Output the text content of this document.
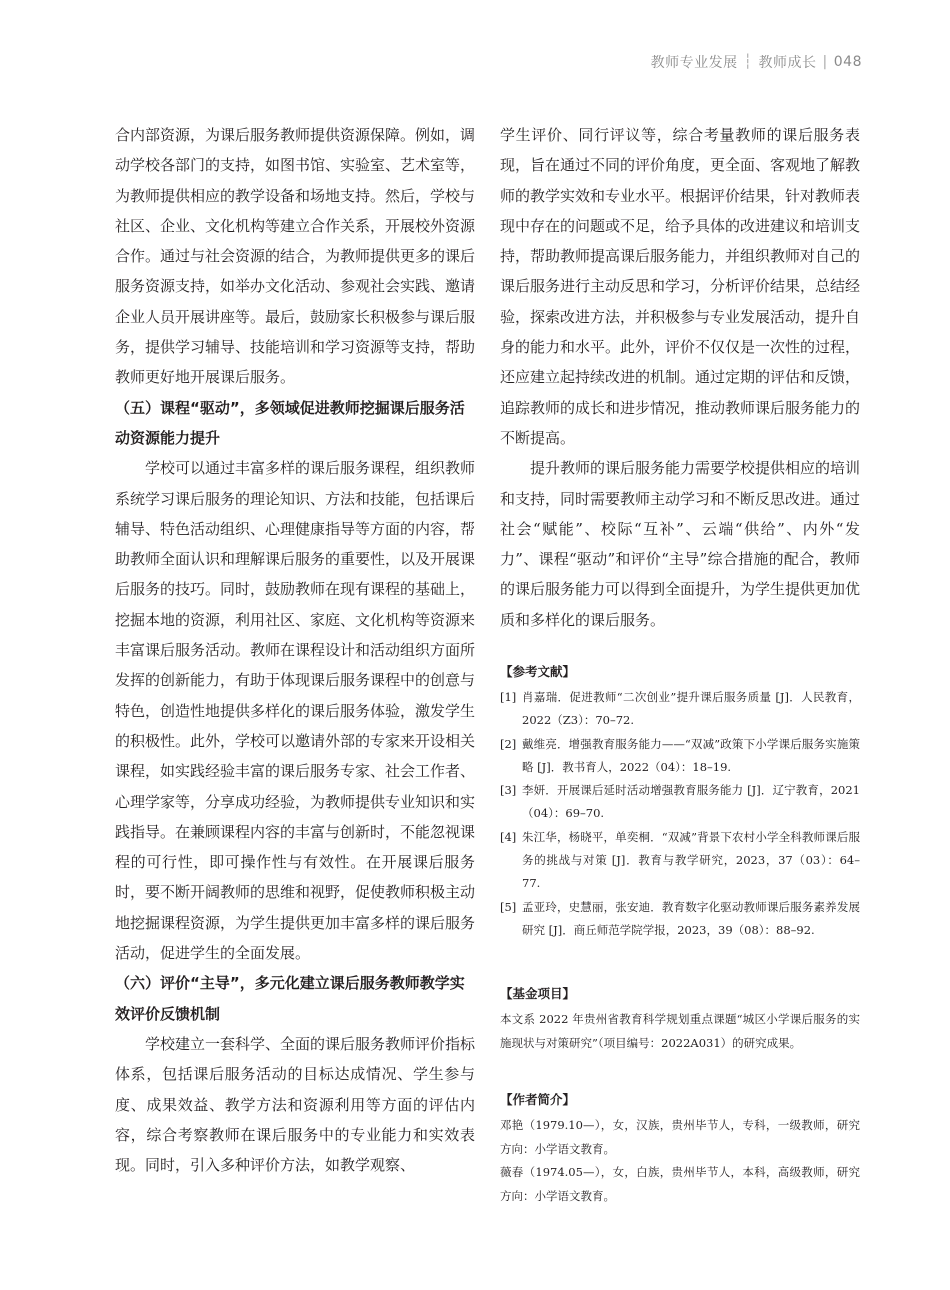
教师专业发展 ┆ 教师成长 | 048

合内部资源，为课后服务教师提供资源保障。例如，调动学校各部门的支持，如图书馆、实验室、艺术室等，为教师提供相应的教学设备和场地支持。然后，学校与社区、企业、文化机构等建立合作关系，开展校外资源合作。通过与社会资源的结合，为教师提供更多的课后服务资源支持，如举办文化活动、参观社会实践、邀请企业人员开展讲座等。最后，鼓励家长积极参与课后服务，提供学习辅导、技能培训和学习资源等支持，帮助教师更好地开展课后服务。

（五）课程“驱动”，多领域促进教师挖掘课后服务活动资源能力提升

学校可以通过丰富多样的课后服务课程，组织教师系统学习课后服务的理论知识、方法和技能，包括课后辅导、特色活动组织、心理健康指导等方面的内容，帮助教师全面认识和理解课后服务的重要性，以及开展课后服务的技巧。同时，鼓励教师在现有课程的基础上，挖掘本地的资源，利用社区、家庭、文化机构等资源来丰富课后服务活动。教师在课程设计和活动组织方面所发挥的创新能力，有助于体现课后服务课程中的创意与特色，创造性地提供多样化的课后服务体验，激发学生的积极性。此外，学校可以邀请外部的专家来开设相关课程，如实践经验丰富的课后服务专家、社会工作者、心理学家等，分享成功经验，为教师提供专业知识和实践指导。在兼顾课程内容的丰富与创新时，不能忽视课程的可行性，即可操作性与有效性。在开展课后服务时，要不断开阔教师的思维和视野，促使教师积极主动地挖掘课程资源，为学生提供更加丰富多样的课后服务活动，促进学生的全面发展。

（六）评价“主导”，多元化建立课后服务教师教学实效评价反馈机制

学校建立一套科学、全面的课后服务教师评价指标体系，包括课后服务活动的目标达成情况、学生参与度、成果效益、教学方法和资源利用等方面的评估内容，综合考察教师在课后服务中的专业能力和实效表现。同时，引入多种评价方法，如教学观察、

学生评价、同行评议等，综合考量教师的课后服务表现，旨在通过不同的评价角度，更全面、客观地了解教师的教学实效和专业水平。根据评价结果，针对教师表现中存在的问题或不足，给予具体的改进建议和培训支持，帮助教师提高课后服务能力，并组织教师对自己的课后服务进行主动反思和学习，分析评价结果，总结经验，探索改进方法，并积极参与专业发展活动，提升自身的能力和水平。此外，评价不仅仅是一次性的过程，还应建立起持续改进的机制。通过定期的评估和反馈，追踪教师的成长和进步情况，推动教师课后服务能力的不断提高。

提升教师的课后服务能力需要学校提供相应的培训和支持，同时需要教师主动学习和不断反思改进。通过社会“赋能”、校际“互补”、云端“供给”、内外“发力”、课程“驱动”和评价“主导”综合措施的配合，教师的课后服务能力可以得到全面提升，为学生提供更加优质和多样化的课后服务。

【参考文献】

[1] 肖嘉瑞．促进教师“二次创业”提升课后服务质量 [J]．人民教育，2022（Z3）：70–72.
[2] 戴维亮．增强教育服务能力——“双减”政策下小学课后服务实施策略 [J]．教书育人，2022（04）：18–19.
[3] 李妍．开展课后延时活动增强教育服务能力 [J]．辽宁教育，2021（04）：69–70.
[4] 朱江华，杨晓平，单奕桐．“双减”背景下农村小学全科教师课后服务的挑战与对策 [J]．教育与教学研究，2023，37（03）：64–77.
[5] 孟亚玲，史慧丽，张安迪．教育数字化驱动教师课后服务素养发展研究 [J]．商丘师范学院学报，2023，39（08）：88–92.

【基金项目】

本文系 2022 年贵州省教育科学规划重点课题“城区小学课后服务的实施现状与对策研究”（项目编号：2022A031）的研究成果。

【作者简介】

邓艳（1979.10—），女，汉族，贵州毕节人，专科，一级教师，研究方向：小学语文教育。

薇春（1974.05—），女，白族，贵州毕节人，本科，高级教师，研究方向：小学语文教育。
